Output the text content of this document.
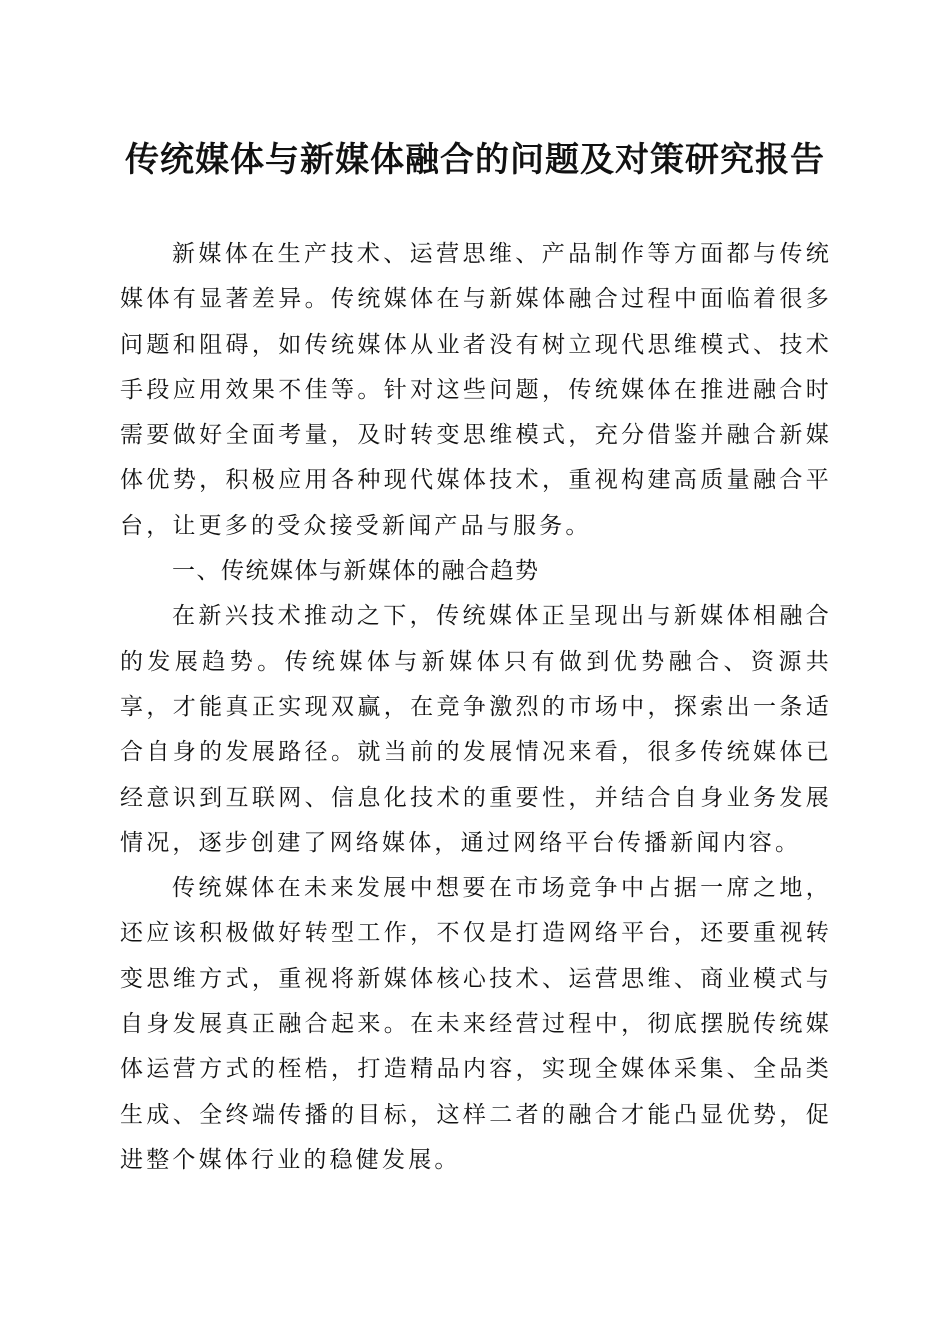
传统媒体与新媒体融合的问题及对策研究报告

新媒体在生产技术、运营思维、产品制作等方面都与传统媒体有显著差异。传统媒体在与新媒体融合过程中面临着很多问题和阻碍，如传统媒体从业者没有树立现代思维模式、技术手段应用效果不佳等。针对这些问题，传统媒体在推进融合时需要做好全面考量，及时转变思维模式，充分借鉴并融合新媒体优势，积极应用各种现代媒体技术，重视构建高质量融合平台，让更多的受众接受新闻产品与服务。

一、传统媒体与新媒体的融合趋势

在新兴技术推动之下，传统媒体正呈现出与新媒体相融合的发展趋势。传统媒体与新媒体只有做到优势融合、资源共享，才能真正实现双赢，在竞争激烈的市场中，探索出一条适合自身的发展路径。就当前的发展情况来看，很多传统媒体已经意识到互联网、信息化技术的重要性，并结合自身业务发展情况，逐步创建了网络媒体，通过网络平台传播新闻内容。

传统媒体在未来发展中想要在市场竞争中占据一席之地，还应该积极做好转型工作，不仅是打造网络平台，还要重视转变思维方式，重视将新媒体核心技术、运营思维、商业模式与自身发展真正融合起来。在未来经营过程中，彻底摆脱传统媒体运营方式的桎梏，打造精品内容，实现全媒体采集、全品类生成、全终端传播的目标，这样二者的融合才能凸显优势，促进整个媒体行业的稳健发展。
